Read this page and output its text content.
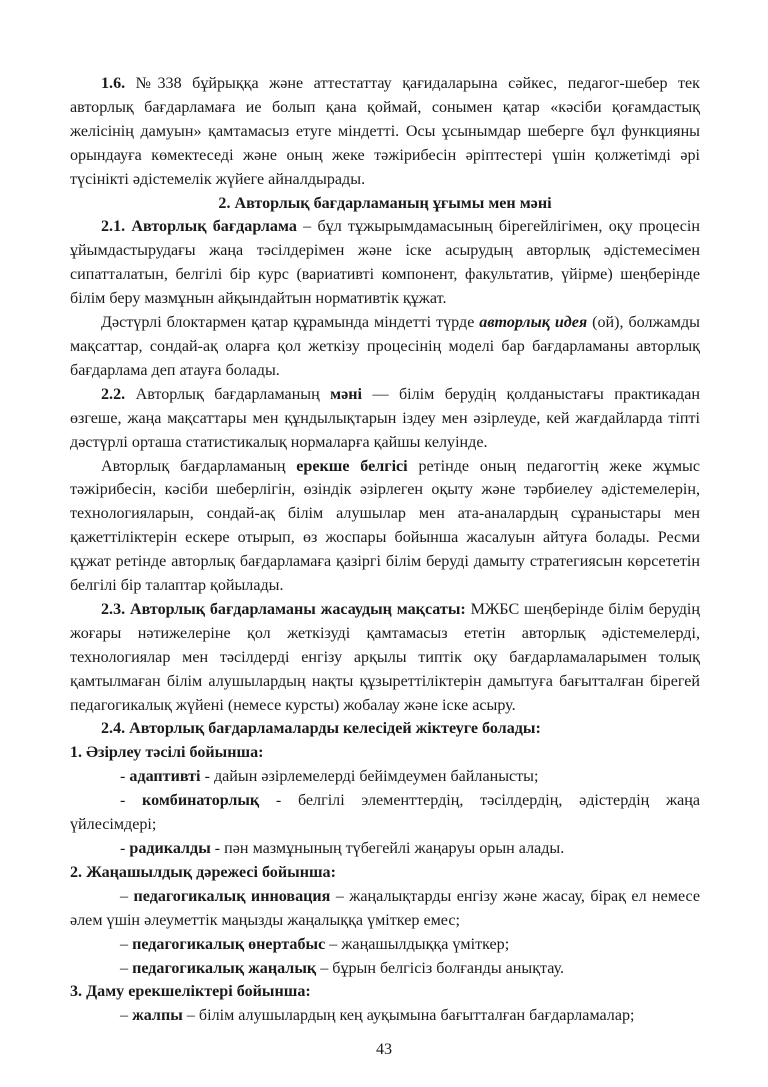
1.6. №338 бұйрыққа және аттестаттау қағидаларына сәйкес, педагог-шебер тек авторлық бағдарламаға ие болып қана қоймай, сонымен қатар «кәсіби қоғамдастық желісінің дамуын» қамтамасыз етуге міндетті. Осы ұсынымдар шеберге бұл функцияны орындауға көмектеседі және оның жеке тәжірибесін әріптестері үшін қолжетімді әрі түсінікті әдістемелік жүйеге айналдырады.

2. Авторлық бағдарламаның ұғымы мен мәні

2.1. Авторлық бағдарлама – бұл тұжырымдамасының бірегейлігімен, оқу процесін ұйымдастырудағы жаңа тәсілдерімен және іске асырудың авторлық әдістемесімен сипатталатын, белгілі бір курс (вариативті компонент, факультатив, үйірме) шеңберінде білім беру мазмұнын айқындайтын нормативтік құжат.

Дәстүрлі блоктармен қатар құрамында міндетті түрде авторлық идея (ой), болжамды мақсаттар, сондай-ақ оларға қол жеткізу процесінің моделі бар бағдарламаны авторлық бағдарлама деп атауға болады.

2.2. Авторлық бағдарламаның мәні — білім берудің қолданыстағы практикадан өзгеше, жаңа мақсаттары мен құндылықтарын іздеу мен әзірлеуде, кей жағдайларда тіпті дәстүрлі орташа статистикалық нормаларға қайшы келуінде.

Авторлық бағдарламаның ерекше белгісі ретінде оның педагогтің жеке жұмыс тәжірибесін, кәсіби шеберлігін, өзіндік әзірлеген оқыту және тәрбиелеу әдістемелерін, технологияларын, сондай-ақ білім алушылар мен ата-аналардың сұраныстары мен қажеттіліктерін ескере отырып, өз жоспары бойынша жасалуын айтуға болады. Ресми құжат ретінде авторлық бағдарламаға қазіргі білім беруді дамыту стратегиясын көрсететін белгілі бір талаптар қойылады.

2.3. Авторлық бағдарламаны жасаудың мақсаты: МЖБС шеңберінде білім берудің жоғары нәтижелеріне қол жеткізуді қамтамасыз ететін авторлық әдістемелерді, технологиялар мен тәсілдерді енгізу арқылы типтік оқу бағдарламаларымен толық қамтылмаған білім алушылардың нақты құзыреттіліктерін дамытуға бағытталған бірегей педагогикалық жүйені (немесе курсты) жобалау және іске асыру.

2.4. Авторлық бағдарламаларды келесідей жіктеуге болады:

1. Әзірлеу тәсілі бойынша:

- адаптивті - дайын әзірлемелерді бейімдеумен байланысты;

- комбинаторлық - белгілі элементтердің, тәсілдердің, әдістердің жаңа үйлесімдері;

- радикалды - пән мазмұнының түбегейлі жаңаруы орын алады.

2. Жаңашылдық дәрежесі бойынша:

– педагогикалық инновация – жаңалықтарды енгізу және жасау, бірақ ел немесе әлем үшін әлеуметтік маңызды жаңалыққа үміткер емес;

– педагогикалық өнертабыс – жаңашылдыққа үміткер;

– педагогикалық жаңалық – бұрын белгісіз болғанды анықтау.

3. Даму ерекшеліктері бойынша:

– жалпы – білім алушылардың кең ауқымына бағытталған бағдарламалар;

43
